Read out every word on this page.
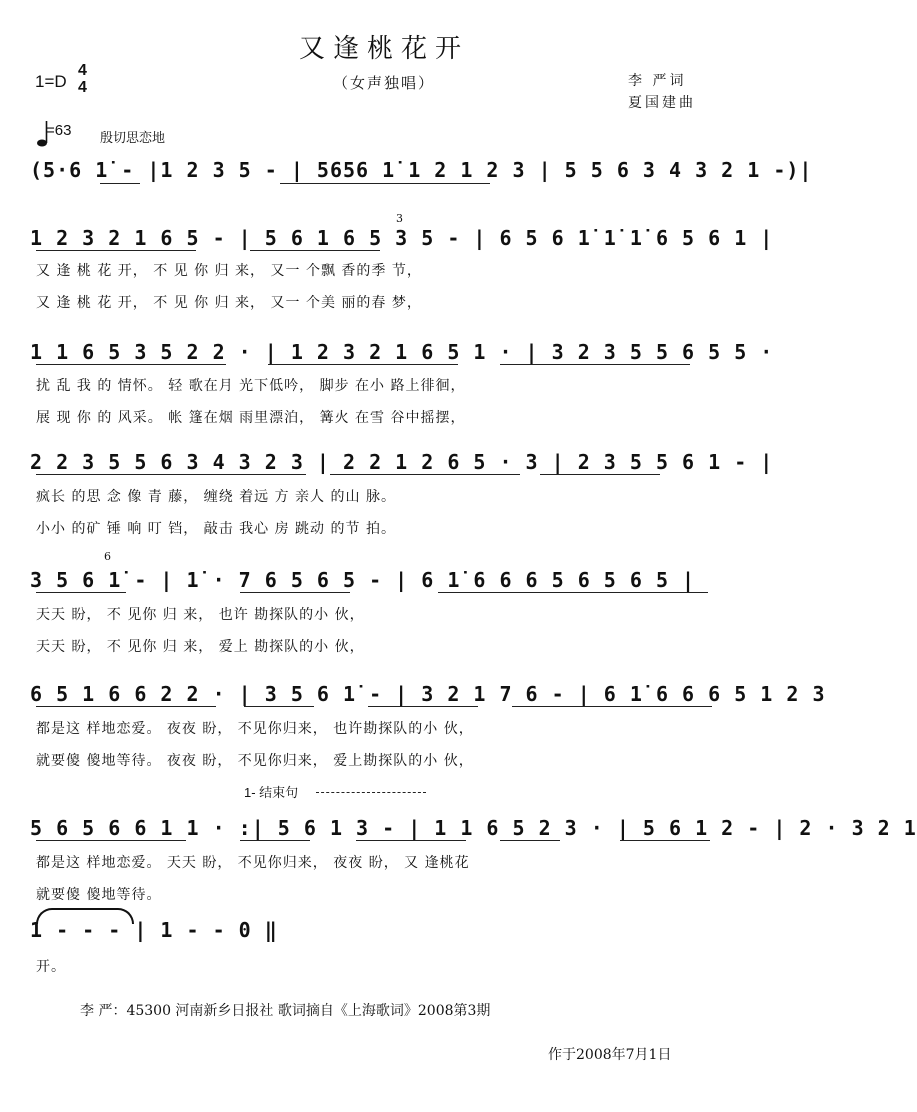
又逢桃花开
（女声独唱）	李 严词
夏国建曲
1=D
4
4
=63 殷切思恋地
(5·6 1̇ - |1 2 3 5 - | 5656 1̇ 1 2 1 2 3 | 5 5 6 3 4 3 2 1 -)|
3
1 2 3 2 1 6 5 - | 5 6 1 6 5 3 5 - | 6 5 6 1̇ 1̇ 1̇ 6 5 6 1 |
又 逢 桃 花 开， 不 见 你 归 来， 又一 个飘 香的季 节，
又 逢 桃 花 开， 不 见 你 归 来， 又一 个美 丽的春 梦，
1 1 6 5 3 5 2 2 · | 1 2 3 2 1 6 5 1 · | 3 2 3 5 5 6 5 5 ·
扰 乱 我 的 情怀。 轻 歌在月 光下低吟， 脚步 在小 路上徘徊，
展 现 你 的 风采。 帐 篷在烟 雨里漂泊， 篝火 在雪 谷中摇摆，
2 2 3 5 5 6 3 4 3 2 3 | 2 2 1 2 6 5 · 3 | 2 3 5 5 6 1 - |
疯长 的思 念 像 青 藤， 缠绕 着远 方 亲人 的山 脉。
小小 的矿 锤 响 叮 铛， 敲击 我心 房 跳动 的节 拍。
6
3 5 6 1̇ - | 1̇ · 7 6 5 6 5 - | 6 1̇ 6 6 6 5 6 5 6 5 |
天天 盼， 不 见你 归 来， 也许 勘探队的小 伙，
天天 盼， 不 见你 归 来， 爱上 勘探队的小 伙，
6 5 1 6 6 2 2 · | 3 5 6 1̇ - | 3 2 1 7 6 - | 6 1̇ 6 6 6 5 1 2 3
都是这 样地恋爱。 夜夜 盼， 不见你归来， 也许勘探队的小 伙，
就要傻 傻地等待。 夜夜 盼， 不见你归来， 爱上勘探队的小 伙，
1- 结束句
5 6 5 6 6 1 1 · :| 5 6 1 3 - | 1 1 6 5 2 3 · | 5 6 1 2 - | 2 · 3 2 1
都是这 样地恋爱。 天天 盼， 不见你归来， 夜夜 盼， 又 逢桃花
就要傻 傻地等待。
1 - - - | 1 - - 0 ‖
开。
李 严：45300 河南新乡日报社 歌词摘自《上海歌词》2008第3期
作于2008年7月1日
